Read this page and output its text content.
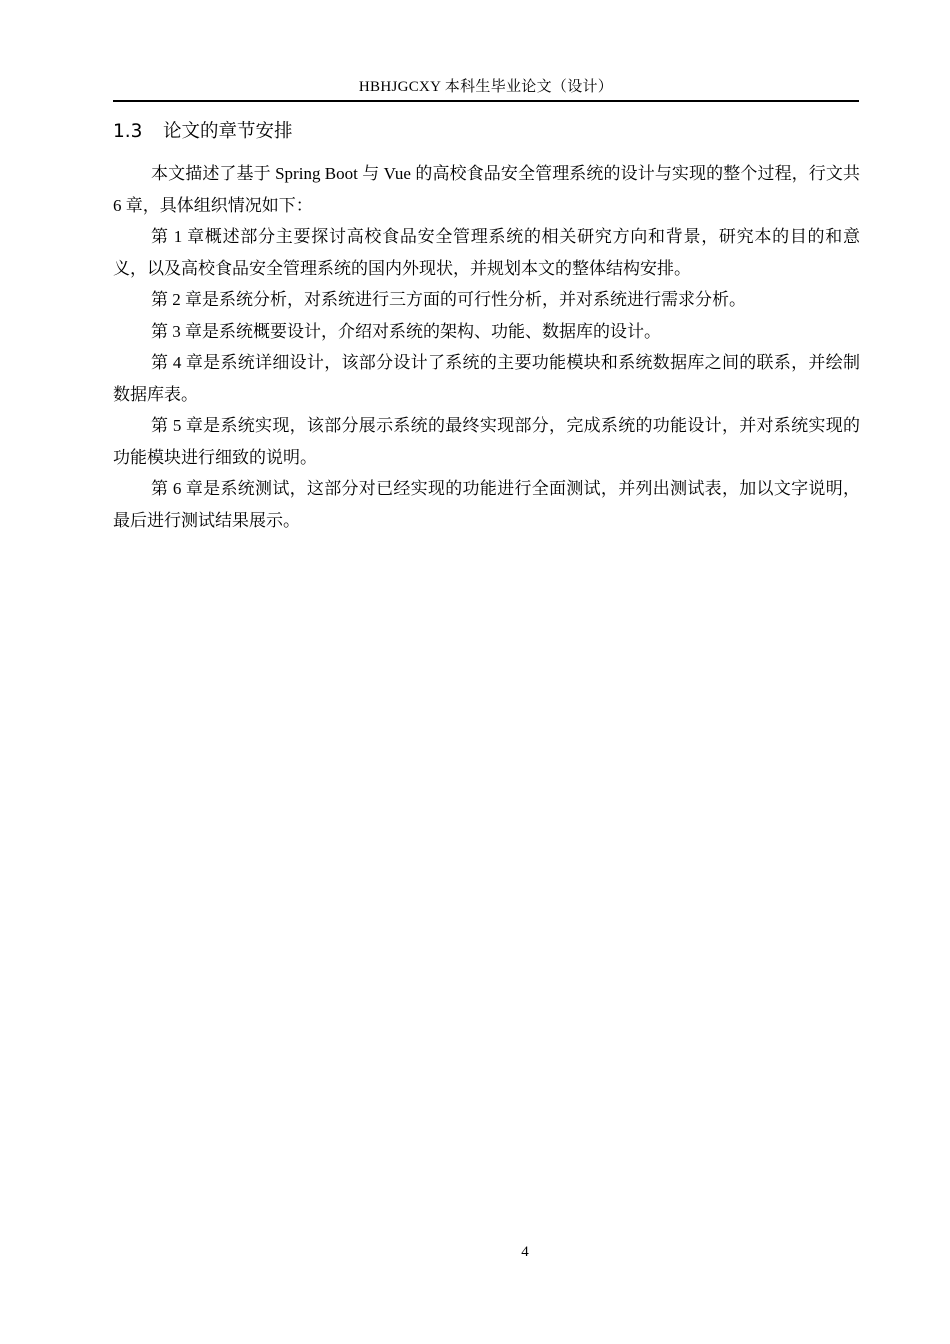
HBHJGCXY 本科生毕业论文（设计）
1.3 论文的章节安排

本文描述了基于 Spring Boot 与 Vue 的高校食品安全管理系统的设计与实现的整个过程，行文共 6 章，具体组织情况如下：

第 1 章概述部分主要探讨高校食品安全管理系统的相关研究方向和背景，研究本的目的和意义，以及高校食品安全管理系统的国内外现状，并规划本文的整体结构安排。

第 2 章是系统分析，对系统进行三方面的可行性分析，并对系统进行需求分析。

第 3 章是系统概要设计，介绍对系统的架构、功能、数据库的设计。

第 4 章是系统详细设计，该部分设计了系统的主要功能模块和系统数据库之间的联系，并绘制数据库表。

第 5 章是系统实现，该部分展示系统的最终实现部分，完成系统的功能设计，并对系统实现的功能模块进行细致的说明。

第 6 章是系统测试，这部分对已经实现的功能进行全面测试，并列出测试表，加以文字说明，最后进行测试结果展示。

4
